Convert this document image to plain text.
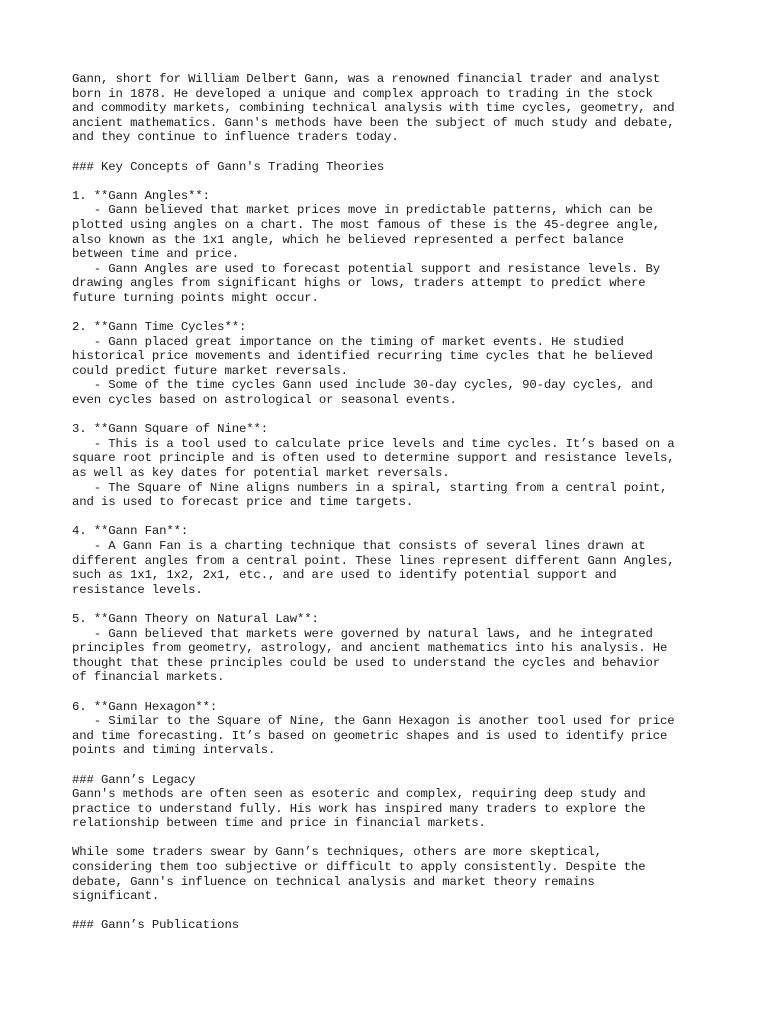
Gann, short for William Delbert Gann, was a renowned financial trader and analyst
born in 1878. He developed a unique and complex approach to trading in the stock
and commodity markets, combining technical analysis with time cycles, geometry, and
ancient mathematics. Gann's methods have been the subject of much study and debate,
and they continue to influence traders today.
### Key Concepts of Gann's Trading Theories
1. **Gann Angles**:
- Gann believed that market prices move in predictable patterns, which can be
plotted using angles on a chart. The most famous of these is the 45-degree angle,
also known as the 1x1 angle, which he believed represented a perfect balance
between time and price.
- Gann Angles are used to forecast potential support and resistance levels. By
drawing angles from significant highs or lows, traders attempt to predict where
future turning points might occur.
2. **Gann Time Cycles**:
- Gann placed great importance on the timing of market events. He studied
historical price movements and identified recurring time cycles that he believed
could predict future market reversals.
- Some of the time cycles Gann used include 30-day cycles, 90-day cycles, and
even cycles based on astrological or seasonal events.
3. **Gann Square of Nine**:
- This is a tool used to calculate price levels and time cycles. It’s based on a
square root principle and is often used to determine support and resistance levels,
as well as key dates for potential market reversals.
- The Square of Nine aligns numbers in a spiral, starting from a central point,
and is used to forecast price and time targets.
4. **Gann Fan**:
- A Gann Fan is a charting technique that consists of several lines drawn at
different angles from a central point. These lines represent different Gann Angles,
such as 1x1, 1x2, 2x1, etc., and are used to identify potential support and
resistance levels.
5. **Gann Theory on Natural Law**:
- Gann believed that markets were governed by natural laws, and he integrated
principles from geometry, astrology, and ancient mathematics into his analysis. He
thought that these principles could be used to understand the cycles and behavior
of financial markets.
6. **Gann Hexagon**:
- Similar to the Square of Nine, the Gann Hexagon is another tool used for price
and time forecasting. It’s based on geometric shapes and is used to identify price
points and timing intervals.
### Gann’s Legacy
Gann's methods are often seen as esoteric and complex, requiring deep study and
practice to understand fully. His work has inspired many traders to explore the
relationship between time and price in financial markets.
While some traders swear by Gann’s techniques, others are more skeptical,
considering them too subjective or difficult to apply consistently. Despite the
debate, Gann's influence on technical analysis and market theory remains
significant.
### Gann’s Publications
